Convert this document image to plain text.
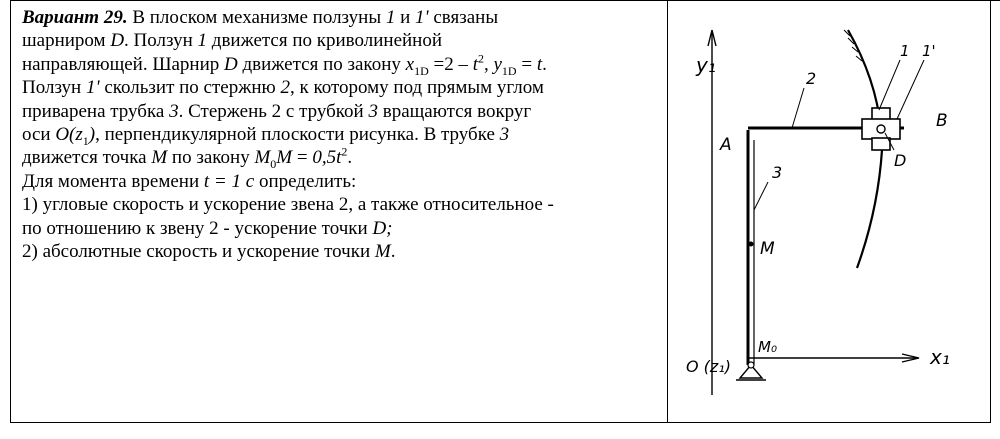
Вариант 29. В плоском механизме ползуны 1 и 1' связаны

шарниром D. Ползун 1 движется по криволинейной

направляющей. Шарнир D движется по закону $x_{1D} =2 - t^2$, $y_{1D} = t$.

Ползун 1' скользит по стержню 2, к которому под прямым углом

приварена трубка 3. Стержень 2 с трубкой 3 вращаются вокруг

оси $O(z_1)$, перпендикулярной плоскости рисунка. В трубке 3

движется точка M по закону $M_0M = 0,5t^2$.

Для момента времени t = 1 c определить:

1) угловые скорость и ускорение звена 2, а также относительное -

по отношению к звену 2 - ускорение точки D;

2) абсолютные скорость и ускорение точки M.

y₁
x₁
A
B
D
M
M₀
2
3
1 1'
O (z₁)
